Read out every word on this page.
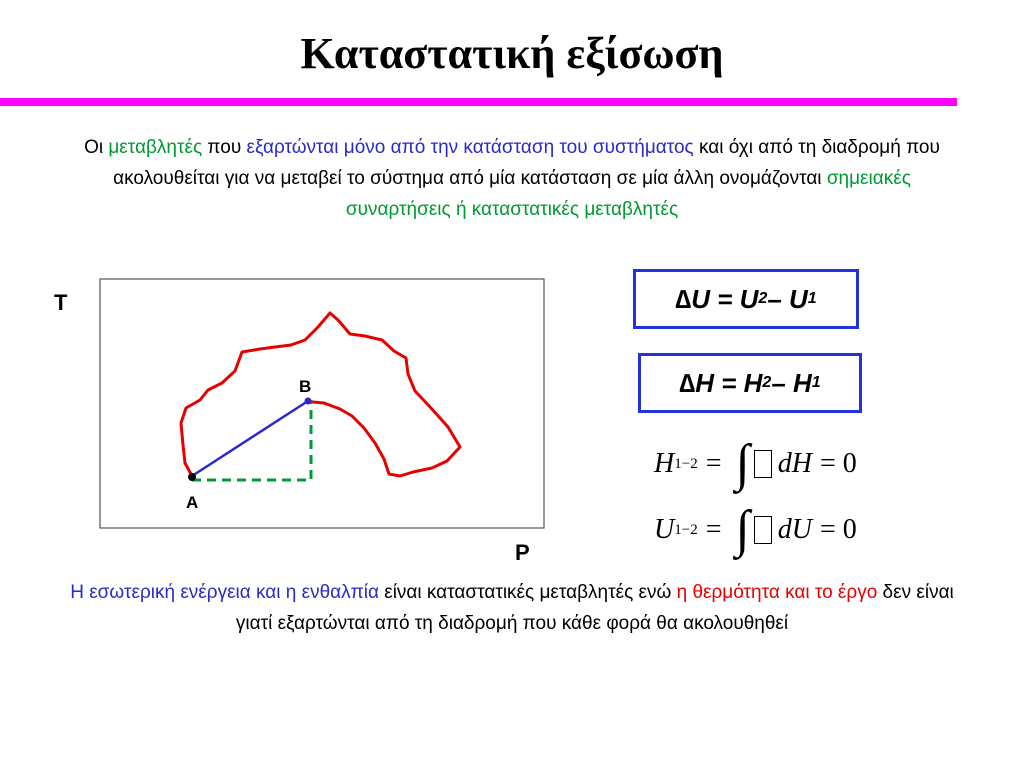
Καταστατική εξίσωση
Οι μεταβλητές που εξαρτώνται μόνο από την κατάσταση του συστήματος και όχι από τη διαδρομή που ακολουθείται για να μεταβεί το σύστημα από μία κατάσταση σε μία άλλη ονομάζονται σημειακές συναρτήσεις ή καταστατικές μεταβλητές
T
P
A
B
∆ U = U 2 – U 1
∆ H = H 2 – H 1
H 1−2 = ∫ dH = 0
U 1−2 = ∫ dU = 0
Η εσωτερική ενέργεια και η ενθαλπία είναι καταστατικές μεταβλητές ενώ η θερμότητα και το έργο δεν είναι γιατί εξαρτώνται από τη διαδρομή που κάθε φορά θα ακολουθηθεί
